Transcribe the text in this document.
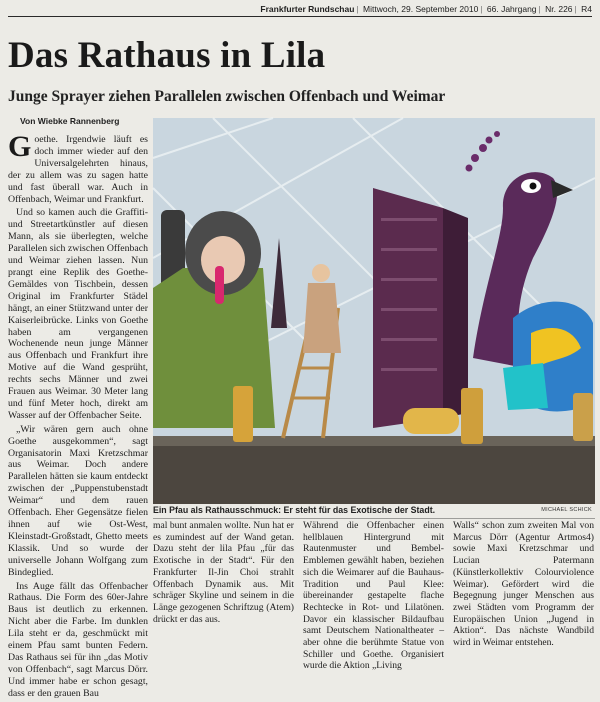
Frankfurter Rundschau | Mittwoch, 29. September 2010 | 66. Jahrgang | Nr. 226 | R4
Das Rathaus in Lila
Junge Sprayer ziehen Parallelen zwischen Offenbach und Weimar
Von Wiebke Rannenberg

Goethe. Irgendwie läuft es doch immer wieder auf den Universalgelehrten hinaus, der zu allem was zu sagen hatte und fast überall war. Auch in Offenbach, Weimar und Frankfurt.

Und so kamen auch die Graffiti- und Streetartkünstler auf diesen Mann, als sie überlegten, welche Parallelen sich zwischen Offenbach und Weimar ziehen lassen. Nun prangt eine Replik des Goethe-Gemäldes von Tischbein, dessen Original im Frankfurter Städel hängt, an einer Stützwand unter der Kaiserleibrücke. Links von Goethe haben am vergangenen Wochenende neun junge Männer aus Offenbach und Frankfurt ihre Motive auf die Wand gesprüht, rechts sechs Männer und zwei Frauen aus Weimar. 30 Meter lang und fünf Meter hoch, direkt am Wasser auf der Offenbacher Seite.

„Wir wären gern auch ohne Goethe ausgekommen“, sagt Organisatorin Maxi Kretzschmar aus Weimar. Doch andere Parallelen hätten sie kaum entdeckt zwischen der „Puppenstubenstadt Weimar“ und dem rauen Offenbach. Eher Gegensätze fielen ihnen auf wie Ost-West, Kleinstadt-Großstadt, Ghetto meets Klassik. Und so wurde der universelle Johann Wolfgang zum Bindeglied.

Ins Auge fällt das Offenbacher Rathaus. Die Form des 60er-Jahre Baus ist deutlich zu erkennen. Nicht aber die Farbe. Im dunklen Lila steht er da, geschmückt mit einem Pfau samt bunten Federn. Das Rathaus sei für ihn „das Motiv von Offenbach“, sagt Marcus Dörr. Und immer habe er schon gesagt, dass er den grauen Bau

Ein Pfau als Rathausschmuck: Er steht für das Exotische der Stadt.	MICHAEL SCHICK

mal bunt anmalen wollte. Nun hat er es zumindest auf der Wand getan. Dazu steht der lila Pfau „für das Exotische in der Stadt“. Für den Frankfurter Il-Jin Choi strahlt Offenbach Dynamik aus. Mit schräger Skyline und seinem in die Länge gezogenen Schriftzug (Atem) drückt er das aus.

Während die Offenbacher einen hellblauen Hintergrund mit Rautenmuster und Bembel-Emblemen gewählt haben, beziehen sich die Weimarer auf die Bauhaus-Tradition und Paul Klee: übereinander gestapelte flache Rechtecke in Rot- und Lilatönen. Davor ein klassischer Bildaufbau samt Deutschem Nationaltheater – aber ohne die berühmte Statue von Schiller und Goethe. Organisiert wurde die Aktion „Living

Walls“ schon zum zweiten Mal von Marcus Dörr (Agentur Artmos4) sowie Maxi Kretzschmar und Lucian Patermann (Künstlerkollektiv Colourviolence Weimar). Gefördert wird die Begegnung junger Menschen aus zwei Städten vom Programm der Europäischen Union „Jugend in Aktion“. Das nächste Wandbild wird in Weimar entstehen.
